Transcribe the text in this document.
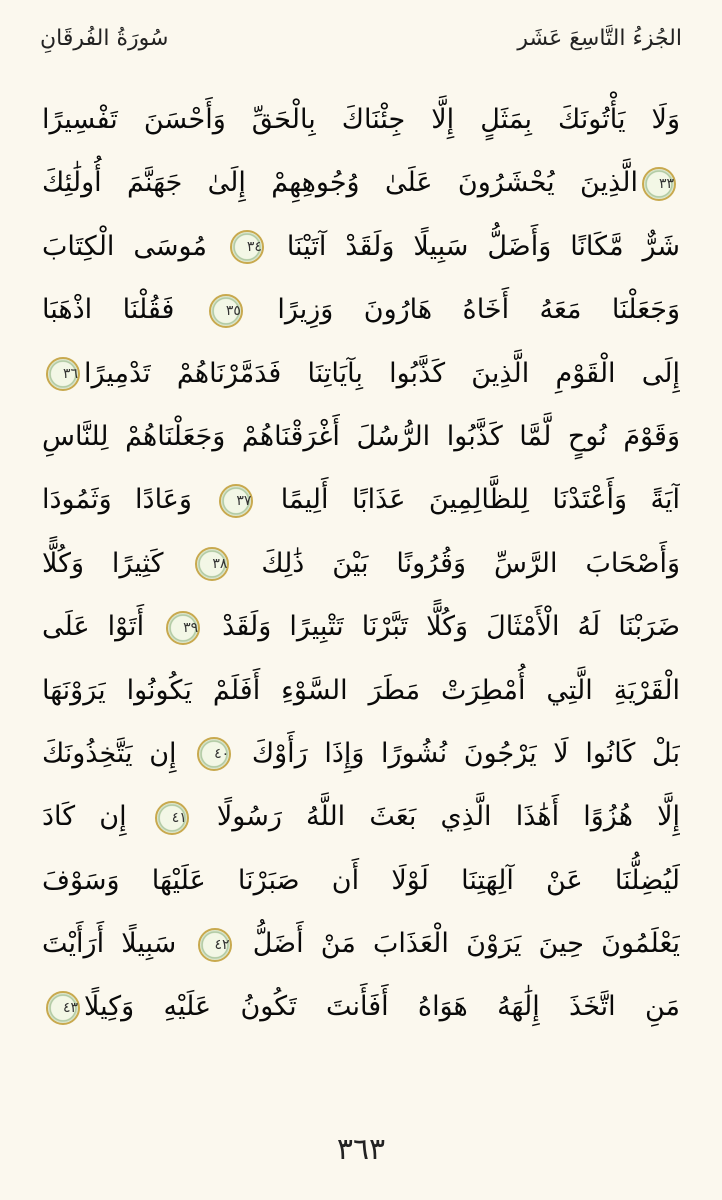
الجُزءُ التَّاسِعَ عَشَر
سُورَةُ الفُرقَانِ
وَلَا يَأْتُونَكَ بِمَثَلٍ إِلَّا جِئْنَاكَ بِالْحَقِّ وَأَحْسَنَ تَفْسِيرًا
٣٣الَّذِينَ يُحْشَرُونَ عَلَىٰ وُجُوهِهِمْ إِلَىٰ جَهَنَّمَ أُولَٰئِكَ
شَرٌّ مَّكَانًا وَأَضَلُّ سَبِيلًا وَلَقَدْ آتَيْنَا ٣٤ مُوسَى الْكِتَابَ
وَجَعَلْنَا مَعَهُ أَخَاهُ هَارُونَ وَزِيرًا ٣٥ فَقُلْنَا اذْهَبَا
إِلَى الْقَوْمِ الَّذِينَ كَذَّبُوا بِآيَاتِنَا فَدَمَّرْنَاهُمْ تَدْمِيرًا٣٦
وَقَوْمَ نُوحٍ لَّمَّا كَذَّبُوا الرُّسُلَ أَغْرَقْنَاهُمْ وَجَعَلْنَاهُمْ لِلنَّاسِ
آيَةً وَأَعْتَدْنَا لِلظَّالِمِينَ عَذَابًا أَلِيمًا ٣٧ وَعَادًا وَثَمُودَا
وَأَصْحَابَ الرَّسِّ وَقُرُونًا بَيْنَ ذَٰلِكَ ٣٨ كَثِيرًا وَكُلًّا
ضَرَبْنَا لَهُ الْأَمْثَالَ وَكُلًّا تَبَّرْنَا تَتْبِيرًا وَلَقَدْ ٣٩ أَتَوْا عَلَى
الْقَرْيَةِ الَّتِي أُمْطِرَتْ مَطَرَ السَّوْءِ أَفَلَمْ يَكُونُوا يَرَوْنَهَا
بَلْ كَانُوا لَا يَرْجُونَ نُشُورًا وَإِذَا رَأَوْكَ ٤٠ إِن يَتَّخِذُونَكَ
إِلَّا هُزُوًا أَهَٰذَا الَّذِي بَعَثَ اللَّهُ رَسُولًا ٤١ إِن كَادَ
لَيُضِلُّنَا عَنْ آلِهَتِنَا لَوْلَا أَن صَبَرْنَا عَلَيْهَا وَسَوْفَ
يَعْلَمُونَ حِينَ يَرَوْنَ الْعَذَابَ مَنْ أَضَلُّ ٤٢ سَبِيلًا أَرَأَيْتَ
مَنِ اتَّخَذَ إِلَٰهَهُ هَوَاهُ أَفَأَنتَ تَكُونُ عَلَيْهِ وَكِيلًا٤٣
٣٦٣
